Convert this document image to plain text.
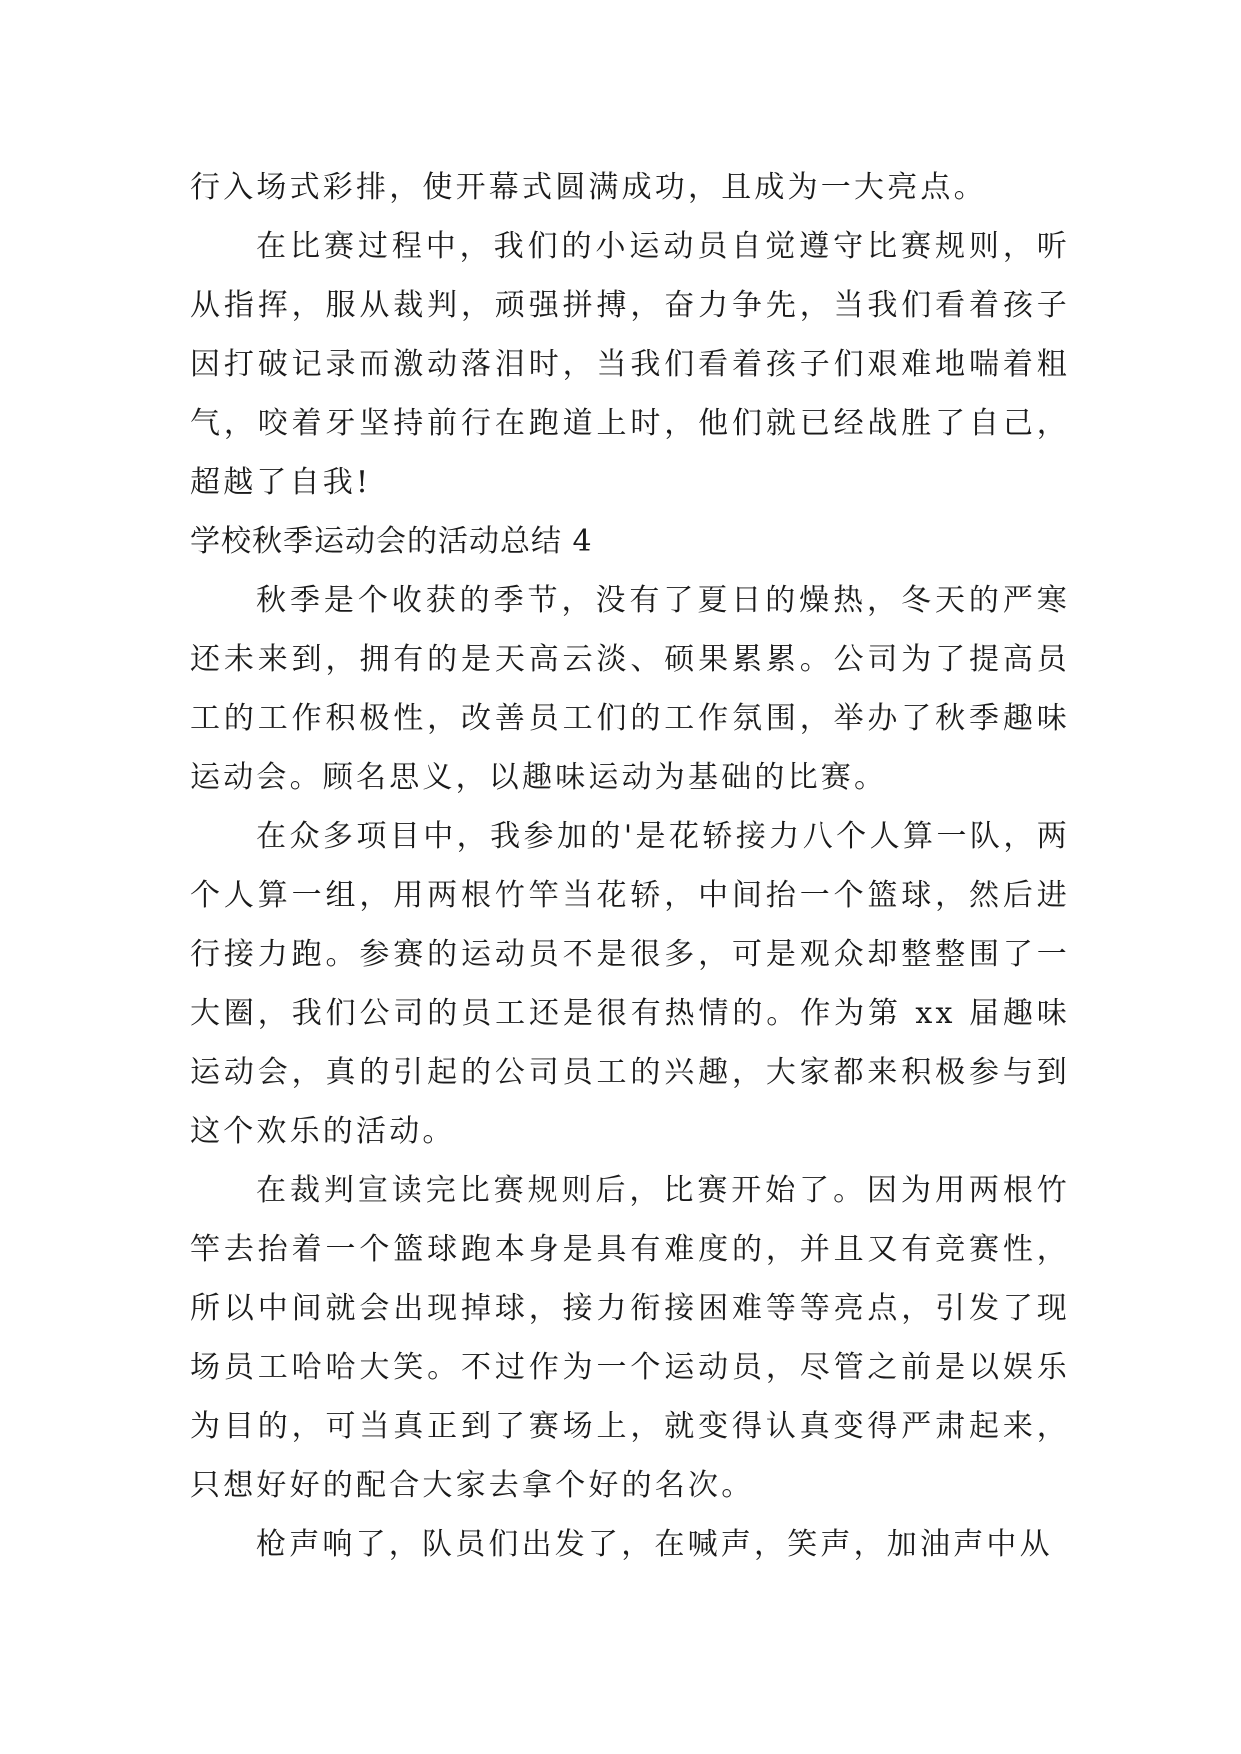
行入场式彩排，使开幕式圆满成功，且成为一大亮点。

在比赛过程中，我们的小运动员自觉遵守比赛规则，听从指挥，服从裁判，顽强拼搏，奋力争先，当我们看着孩子因打破记录而激动落泪时，当我们看着孩子们艰难地喘着粗气，咬着牙坚持前行在跑道上时，他们就已经战胜了自己，超越了自我!

学校秋季运动会的活动总结 4

秋季是个收获的季节，没有了夏日的燥热，冬天的严寒还未来到，拥有的是天高云淡、硕果累累。公司为了提高员工的工作积极性，改善员工们的工作氛围，举办了秋季趣味运动会。顾名思义，以趣味运动为基础的比赛。

在众多项目中，我参加的'是花轿接力八个人算一队，两个人算一组，用两根竹竿当花轿，中间抬一个篮球，然后进行接力跑。参赛的运动员不是很多，可是观众却整整围了一大圈，我们公司的员工还是很有热情的。作为第 xx 届趣味运动会，真的引起的公司员工的兴趣，大家都来积极参与到这个欢乐的活动。

在裁判宣读完比赛规则后，比赛开始了。因为用两根竹竿去抬着一个篮球跑本身是具有难度的，并且又有竞赛性，所以中间就会出现掉球，接力衔接困难等等亮点，引发了现场员工哈哈大笑。不过作为一个运动员，尽管之前是以娱乐为目的，可当真正到了赛场上，就变得认真变得严肃起来，只想好好的配合大家去拿个好的名次。

枪声响了，队员们出发了，在喊声，笑声，加油声中从
